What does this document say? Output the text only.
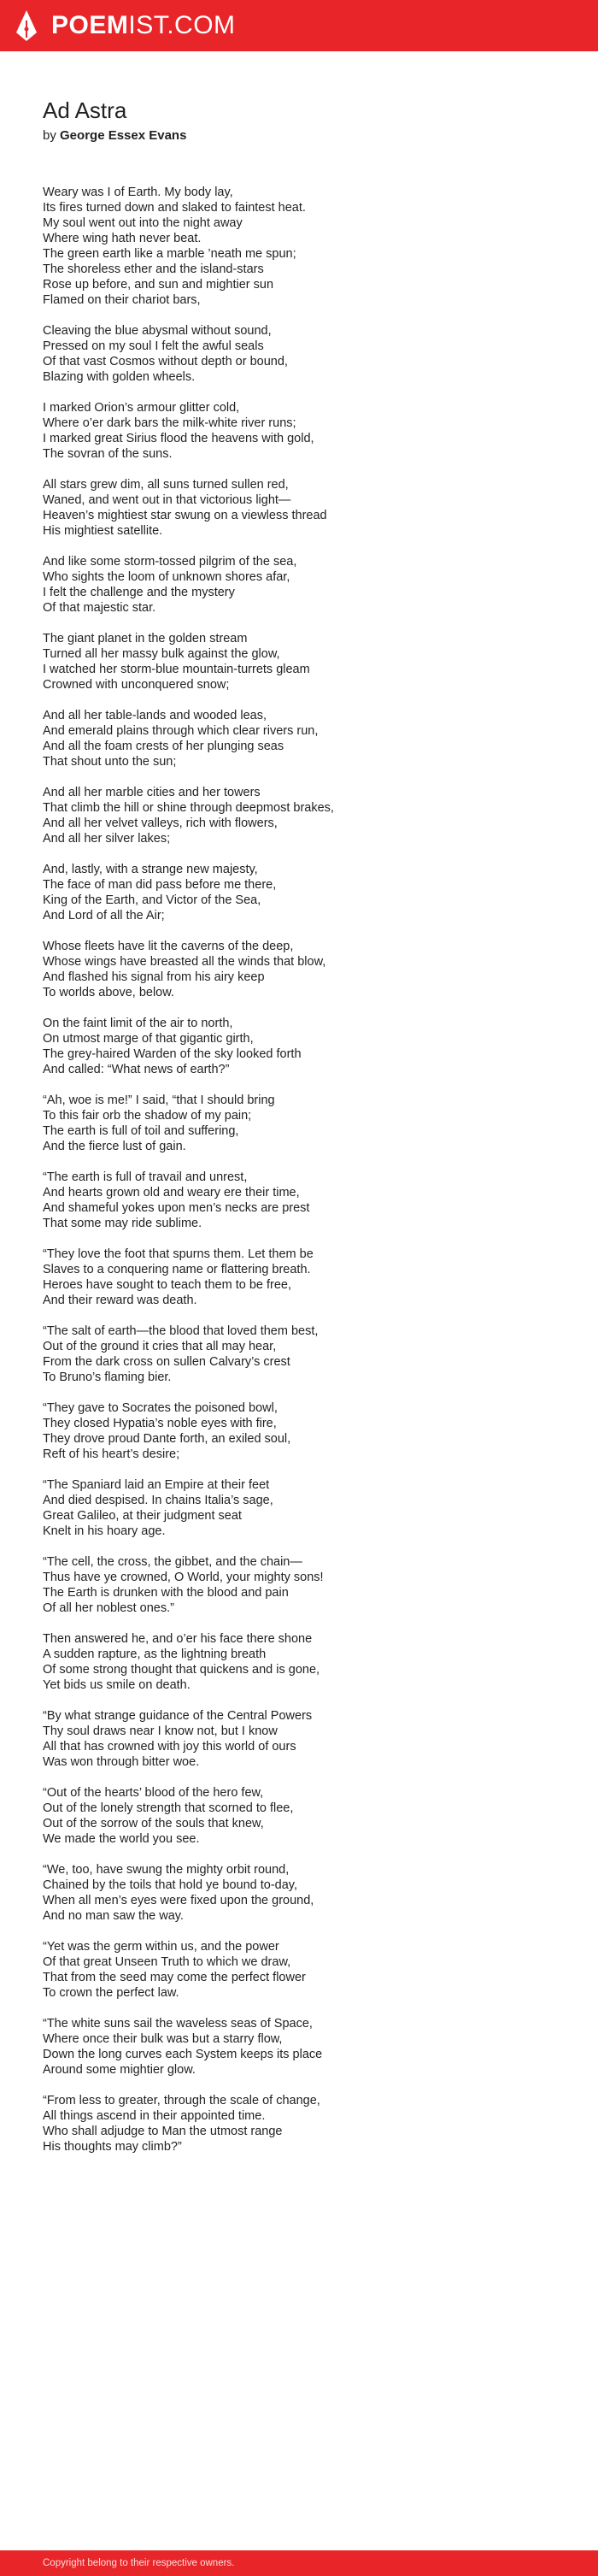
POEMIST.COM
Ad Astra
by George Essex Evans
Weary was I of Earth. My body lay,
Its fires turned down and slaked to faintest heat.
My soul went out into the night away
Where wing hath never beat.
The green earth like a marble ’neath me spun;
The shoreless ether and the island-stars
Rose up before, and sun and mightier sun
Flamed on their chariot bars,
Cleaving the blue abysmal without sound,
Pressed on my soul I felt the awful seals
Of that vast Cosmos without depth or bound,
Blazing with golden wheels.
I marked Orion’s armour glitter cold,
Where o’er dark bars the milk-white river runs;
I marked great Sirius flood the heavens with gold,
The sovran of the suns.
All stars grew dim, all suns turned sullen red,
Waned, and went out in that victorious light—
Heaven’s mightiest star swung on a viewless thread
His mightiest satellite.
And like some storm-tossed pilgrim of the sea,
Who sights the loom of unknown shores afar,
I felt the challenge and the mystery
Of that majestic star.
The giant planet in the golden stream
Turned all her massy bulk against the glow,
I watched her storm-blue mountain-turrets gleam
Crowned with unconquered snow;
And all her table-lands and wooded leas,
And emerald plains through which clear rivers run,
And all the foam crests of her plunging seas
That shout unto the sun;
And all her marble cities and her towers
That climb the hill or shine through deepmost brakes,
And all her velvet valleys, rich with flowers,
And all her silver lakes;
And, lastly, with a strange new majesty,
The face of man did pass before me there,
King of the Earth, and Victor of the Sea,
And Lord of all the Air;
Whose fleets have lit the caverns of the deep,
Whose wings have breasted all the winds that blow,
And flashed his signal from his airy keep
To worlds above, below.
On the faint limit of the air to north,
On utmost marge of that gigantic girth,
The grey-haired Warden of the sky looked forth
And called: “What news of earth?”
“Ah, woe is me!” I said, “that I should bring
To this fair orb the shadow of my pain;
The earth is full of toil and suffering,
And the fierce lust of gain.
“The earth is full of travail and unrest,
And hearts grown old and weary ere their time,
And shameful yokes upon men’s necks are prest
That some may ride sublime.
“They love the foot that spurns them. Let them be
Slaves to a conquering name or flattering breath.
Heroes have sought to teach them to be free,
And their reward was death.
“The salt of earth—the blood that loved them best,
Out of the ground it cries that all may hear,
From the dark cross on sullen Calvary’s crest
To Bruno’s flaming bier.
“They gave to Socrates the poisoned bowl,
They closed Hypatia’s noble eyes with fire,
They drove proud Dante forth, an exiled soul,
Reft of his heart’s desire;
“The Spaniard laid an Empire at their feet
And died despised. In chains Italia’s sage,
Great Galileo, at their judgment seat
Knelt in his hoary age.
“The cell, the cross, the gibbet, and the chain—
Thus have ye crowned, O World, your mighty sons!
The Earth is drunken with the blood and pain
Of all her noblest ones.”
Then answered he, and o’er his face there shone
A sudden rapture, as the lightning breath
Of some strong thought that quickens and is gone,
Yet bids us smile on death.
“By what strange guidance of the Central Powers
Thy soul draws near I know not, but I know
All that has crowned with joy this world of ours
Was won through bitter woe.
“Out of the hearts’ blood of the hero few,
Out of the lonely strength that scorned to flee,
Out of the sorrow of the souls that knew,
We made the world you see.
“We, too, have swung the mighty orbit round,
Chained by the toils that hold ye bound to-day,
When all men’s eyes were fixed upon the ground,
And no man saw the way.
“Yet was the germ within us, and the power
Of that great Unseen Truth to which we draw,
That from the seed may come the perfect flower
To crown the perfect law.
“The white suns sail the waveless seas of Space,
Where once their bulk was but a starry flow,
Down the long curves each System keeps its place
Around some mightier glow.
“From less to greater, through the scale of change,
All things ascend in their appointed time.
Who shall adjudge to Man the utmost range
His thoughts may climb?”
Copyright belong to their respective owners.
